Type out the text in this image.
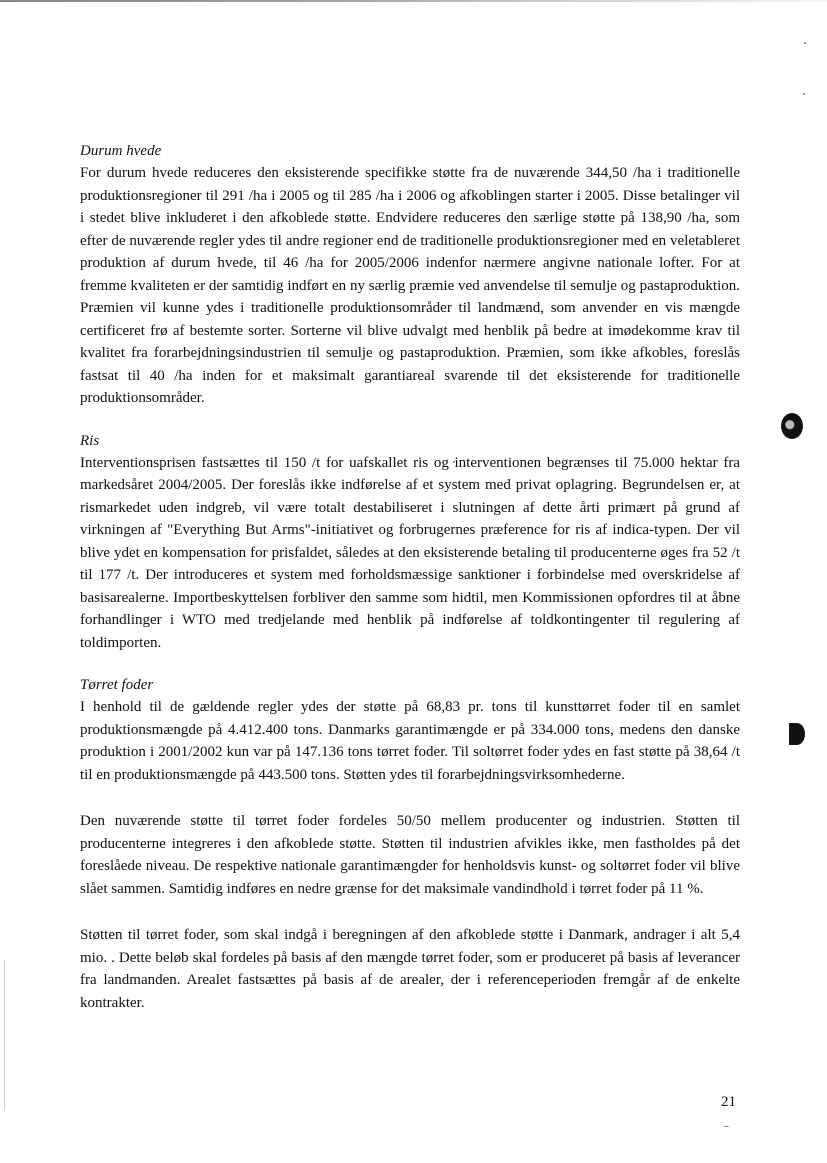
Durum hvede

For durum hvede reduceres den eksisterende specifikke støtte fra de nuværende 344,50 /ha i traditionelle produktionsregioner til 291 /ha i 2005 og til 285 /ha i 2006 og afkoblingen starter i 2005. Disse betalinger vil i stedet blive inkluderet i den afkoblede støtte. Endvidere reduceres den særlige støtte på 138,90 /ha, som efter de nuværende regler ydes til andre regioner end de traditionelle produktionsregioner med en veletableret produktion af durum hvede, til 46 /ha for 2005/2006 indenfor nærmere angivne nationale lofter. For at fremme kvaliteten er der samtidig indført en ny særlig præmie ved anvendelse til semulje og pastaproduktion. Præmien vil kunne ydes i traditionelle produktionsområder til landmænd, som anvender en vis mængde certificeret frø af bestemte sorter. Sorterne vil blive udvalgt med henblik på bedre at imødekomme krav til kvalitet fra forarbejdningsindustrien til semulje og pastaproduktion. Præmien, som ikke afkobles, foreslås fastsat til 40 /ha inden for et maksimalt garantiareal svarende til det eksisterende for traditionelle produktionsområder.

Ris

Interventionsprisen fastsættes til 150 /t for uafskallet ris og interventionen begrænses til 75.000 hektar fra markedsåret 2004/2005. Der foreslås ikke indførelse af et system med privat oplagring. Begrundelsen er, at rismarkedet uden indgreb, vil være totalt destabiliseret i slutningen af dette årti primært på grund af virkningen af "Everything But Arms"-initiativet og forbrugernes præference for ris af indica-typen. Der vil blive ydet en kompensation for prisfaldet, således at den eksisterende betaling til producenterne øges fra 52 /t til 177 /t. Der introduceres et system med forholdsmæssige sanktioner i forbindelse med overskridelse af basisarealerne. Importbeskyttelsen forbliver den samme som hidtil, men Kommissionen opfordres til at åbne forhandlinger i WTO med tredjelande med henblik på indførelse af toldkontingenter til regulering af toldimporten.

Tørret foder

I henhold til de gældende regler ydes der støtte på 68,83 pr. tons til kunsttørret foder til en samlet produktionsmængde på 4.412.400 tons. Danmarks garantimængde er på 334.000 tons, medens den danske produktion i 2001/2002 kun var på 147.136 tons tørret foder. Til soltørret foder ydes en fast støtte på 38,64 /t til en produktionsmængde på 443.500 tons. Støtten ydes til forarbejdningsvirksomhederne.

Den nuværende støtte til tørret foder fordeles 50/50 mellem producenter og industrien. Støtten til producenterne integreres i den afkoblede støtte. Støtten til industrien afvikles ikke, men fastholdes på det foreslåede niveau. De respektive nationale garantimængder for henholdsvis kunst- og soltørret foder vil blive slået sammen. Samtidig indføres en nedre grænse for det maksimale vandindhold i tørret foder på 11 %.

Støtten til tørret foder, som skal indgå i beregningen af den afkoblede støtte i Danmark, andrager i alt 5,4 mio. . Dette beløb skal fordeles på basis af den mængde tørret foder, som er produceret på basis af leverancer fra landmanden. Arealet fastsættes på basis af de arealer, der i referenceperioden fremgår af de enkelte kontrakter.

21
